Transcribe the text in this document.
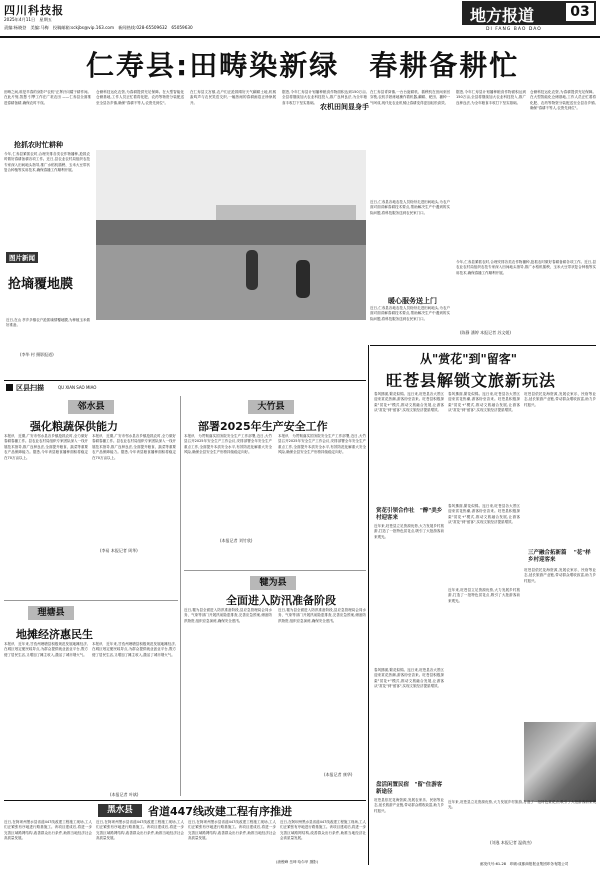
四川科技报
2025年4月11日　星期五
责编:杨晓登　美编:马梅　投稿邮箱:sckjbs@vip.163.com　新闻热线:028-65509632　65059630
地方报道	03
DI FANG BAO DAO
仁寿县:田畴染新绿　春耕备耕忙
田畴之间,谁是早春的身影?"农机"正挥汗闪耀于耕作间。　在此片刻,智慧 引擎工作在广袤农田 ——仁寿县全面推进春耕备耕,确保农时不误。
仓储科技运化农资,为春耕提供充足保障。在大型智能化仓储基地,工作人员正忙着将化肥、农药等物资分装配送至全县各乡镇,确保"春耕不等人,农资先到位"。
在仁寿县文宫镇,农户们正抢抓晴好天气翻耕土地,机械轰鸣声与农民笑语交织,一幅热闹的春耕画卷正徐徐展开。
据悉,今年仁寿县计划播种粮食作物面积达到150万亩,全县将继续加大农业科技投入,推广良种良法,为全年粮食丰收打下坚实基础。
抢抓农时忙耕种
今年,仁寿县紧抓农时,合理安排各类农作物播种,抢抓农时做好春耕备耕各项工作。近日,县农业农村局组织农技专家深入田间地头指导,推广水稻机插秧、玉米大豆带状复合种植等实用技术,确保春播工作顺利开展。
图片新闻
抢墒覆地膜
近日,在山 亭乡多镇农户抢抓墒情覆地膜,为种植玉米做好准备。
(李华 村 摄影报道)
农机田间显身手
在仁寿县青岗镇,一台台旋耕机、插秧机在田间来回穿梭,农机手熟练地操作着机器,翻耕、耙田、播种一气呵成,现代化农业机械让春耕变得更加轻松高效。
据悉,今年仁寿县计划播种粮食作物面积达到150万亩,全县将继续加大农业科技投入,推广良种良法,为全年粮食丰收打下坚实基础。
仓储科技运化农资,为春耕提供充足保障。在大型智能化仓储基地,工作人员正忙着将化肥、农药等物资分装配送至全县各乡镇,确保"春耕不等人,农资先到位"。
近日,仁寿县各地农技人员纷纷走进田间地头,为农户面对面讲解春耕技术要点,帮助解决生产中遇到的实际问题,将科技服务送到农民家门口。
暖心服务送上门
近日,仁寿县各地农技人员纷纷走进田间地头,为农户面对面讲解春耕技术要点,帮助解决生产中遇到的实际问题,将科技服务送到农民家门口。
今年,仁寿县紧抓农时,合理安排各类农作物播种,抢抓农时做好春耕备耕各项工作。近日,县农业农村局组织农技专家深入田间地头指导,推广水稻机插秧、玉米大豆带状复合种植等实用技术,确保春播工作顺利开展。
(陈静 潘婷 本报记者 苏文媛)
从"赏花"到"留客"
旺苍县解锁文旅新玩法
春风拂面,繁花似锦。连日来,旺苍县各大景区迎来赏花热潮,游客纷至沓来。旺苍县积极探索"赏花+"模式,推动文旅融合发展,让游客从"赏花"到"留客",实现文旅经济提质增效。
春风拂面,繁花似锦。连日来,旺苍县各大景区迎来赏花热潮,游客纷至沓来。旺苍县积极探索"赏花+"模式,推动文旅融合发展,让游客从"赏花"到"留客",实现文旅经济提质增效。
旺苍县依托花海资源,发展农家乐、民宿等业态,延长旅游产业链,带动群众增收致富,助力乡村振兴。
赏花引领合作社　"醉"美乡村迎客来
近年来,旺苍县立足资源优势,大力发展乡村旅游,打造了一批特色赏花点,吸引了大批游客前来观光。
春风拂面,繁花似锦。连日来,旺苍县各大景区迎来赏花热潮,游客纷至沓来。旺苍县积极探索"赏花+"模式,推动文旅融合发展,让游客从"赏花"到"留客",实现文旅经济提质增效。
三产融合拓新篇　 "花"样乡村迎客来
旺苍县依托花海资源,发展农家乐、民宿等业态,延长旅游产业链,带动群众增收致富,助力乡村振兴。
近年来,旺苍县立足资源优势,大力发展乡村旅游,打造了一批特色赏花点,吸引了大批游客前来观光。
春风拂面,繁花似锦。连日来,旺苍县各大景区迎来赏花热潮,游客纷至沓来。旺苍县积极探索"赏花+"模式,推动文旅融合发展,让游客从"赏花"到"留客",实现文旅经济提质增效。
盘活闲置民宿　"留"住游客新途径
旺苍县依托花海资源,发展农家乐、民宿等业态,延长旅游产业链,带动群众增收致富,助力乡村振兴。
近年来,旺苍县立足资源优势,大力发展乡村旅游,打造了一批特色赏花点,吸引了大批游客前来观光。
(刘逸 本报记者 温倩杰)
区县扫描	QU XIAN SAO MIAO
邻水县
强化粮蔬保供能力
本报讯　近期,广安市邻水县各乡镇抢抓农时,全力做好春耕春播工作。县农业农村局组织专家团队深入一线开展技术指导,推广良种良法,全面提升粮食、蔬菜等重要农产品保障能力。据悉,今年该县粮食播种面积将稳定在70万亩以上。
本报讯　近期,广安市邻水县各乡镇抢抓农时,全力做好春耕春播工作。县农业农村局组织专家团队深入一线开展技术指导,推广良种良法,全面提升粮食、蔬菜等重要农产品保障能力。据悉,今年该县粮食播种面积将稳定在70万亩以上。
(李易 本报记者 周华)
大竹县
部署2025年生产安全工作
本报讯　为贯彻落实国务院安全生产工作部署,近日,大竹县召开2025年安全生产工作会议,安排部署全年安全生产重点工作,全面提升本质安全水平,有效防范化解重大安全风险,确保全县安全生产形势持续稳定向好。
本报讯　为贯彻落实国务院安全生产工作部署,近日,大竹县召开2025年安全生产工作会议,安排部署全年安全生产重点工作,全面提升本质安全水平,有效防范化解重大安全风险,确保全县安全生产形势持续稳定向好。
(本报记者 刘竹欣)
犍为县
全面进入防汛准备阶段
近日,犍为县全面进入防汛准备阶段,县应急管理局会同水务、气象等部门开展汛前隐患排查,完善应急预案,储备防汛物资,组织应急演练,确保安全度汛。
近日,犍为县全面进入防汛准备阶段,县应急管理局会同水务、气象等部门开展汛前隐患排查,完善应急预案,储备防汛物资,组织应急演练,确保安全度汛。
(本报记者 康华)
理塘县
地摊经济惠民生
本报讯　近年来,甘孜州理塘县积极规范发展地摊经济,在城区划定便民疏导点,为群众提供就业创业平台,既方便了居民生活,又增加了摊主收入,激活了城市烟火气。
本报讯　近年来,甘孜州理塘县积极规范发展地摊经济,在城区划定便民疏导点,为群众提供就业创业平台,既方便了居民生活,又增加了摊主收入,激活了城市烟火气。
(本报记者 叶斌)
黑水县	省道447线改建工程有序推进
近日,在阿坝州黑水县省道447线改建工程施工现场,工人们正紧张有序地进行路基施工。该项目建成后,将进一步完善区域路网结构,改善群众出行条件,助推当地经济社会高质量发展。
近日,在阿坝州黑水县省道447线改建工程施工现场,工人们正紧张有序地进行路基施工。该项目建成后,将进一步完善区域路网结构,改善群众出行条件,助推当地经济社会高质量发展。
近日,在阿坝州黑水县省道447线改建工程施工现场,工人们正紧张有序地进行路基施工。该项目建成后,将进一步完善区域路网结构,改善群众出行条件,助推当地经济社会高质量发展。
近日,在阿坝州黑水县省道447线改建工程施工现场,工人们正紧张有序地进行路基施工。该项目建成后,将进一步完善区域路网结构,改善群众出行条件,助推当地经济社会高质量发展。
(唐俊峰 岳坤 哈尔甲 摄影)	邮发代号:61-28　印刷:成都商报报业集团印务有限公司
